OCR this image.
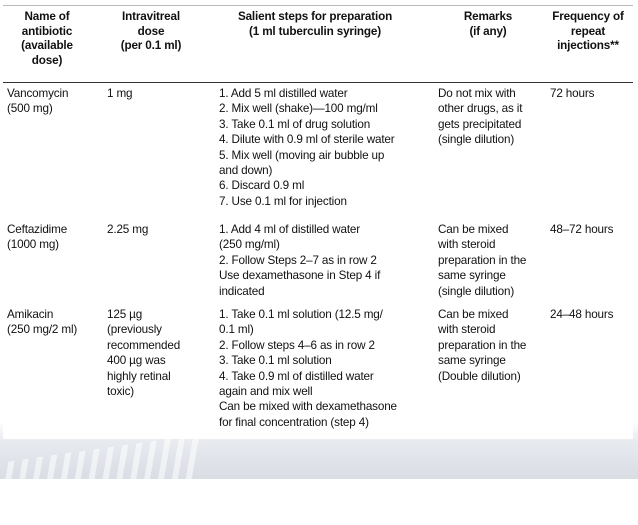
Name of
antibiotic
(available
dose)
Intravitreal
dose
(per 0.1 ml)
Salient steps for preparation
(1 ml tuberculin syringe)
Remarks
(if any)
Frequency of
repeat
injections**
Vancomycin
(500 mg)
1 mg	1. Add 5 ml distilled water
2. Mix well (shake)—100 mg/ml
3. Take 0.1 ml of drug solution
4. Dilute with 0.9 ml of sterile water
5. Mix well (moving air bubble up
and down)
6. Discard 0.9 ml
7. Use 0.1 ml for injection
Do not mix with
other drugs, as it
gets precipitated
(single dilution)
72 hours
Ceftazidime
(1000 mg)
2.25 mg	1. Add 4 ml of distilled water
(250 mg/ml)
2. Follow Steps 2–7 as in row 2
Use dexamethasone in Step 4 if
indicated
Can be mixed
with steroid
preparation in the
same syringe
(single dilution)
48–72 hours
Amikacin
(250 mg/2 ml)
125 µg
(previously
recommended
400 µg was
highly retinal
toxic)
1. Take 0.1 ml solution (12.5 mg/
0.1 ml)
2. Follow steps 4–6 as in row 2
3. Take 0.1 ml solution
4. Take 0.9 ml of distilled water
again and mix well
Can be mixed with dexamethasone
for final concentration (step 4)
Can be mixed
with steroid
preparation in the
same syringe
(Double dilution)
24–48 hours
